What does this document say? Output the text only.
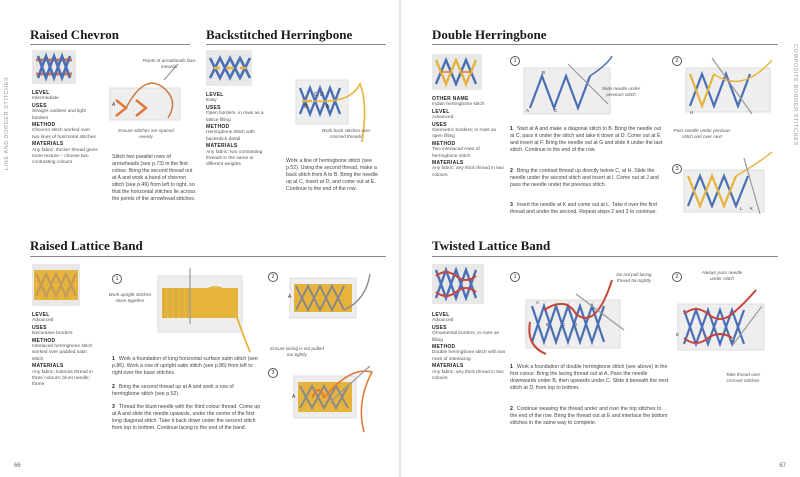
LINE AND BORDER STITCHES
Raised Chevron
LEVEL
Intermediate
USES
Straight outlines and light borders
METHOD
Chevron stitch worked over two lines of horizontal stitches
MATERIALS
Any fabric; thicker thread gives more texture – choose two contrasting colours
A
Points of arrowheads face inwards
Ensure stitches are spaced evenly
Stitch two parallel rows of arrowheads (see p.73) in the first colour. Bring the second thread out at A and work a band of chevron stitch (see p.49) from left to right, so that the horizontal stitches lie across the points of the arrowhead stitches.
Backstitched Herringbone
LEVEL
Easy
USES
Open borders, in rows as a lattice filling
METHOD
Herringbone stitch with backstitch detail
MATERIALS
Any fabric; two contrasting threads in the same or different weights
C D
B	A
Work back stitches over crossed threads
Work a line of herringbone stitch (see p.52). Using the second thread, make a back stitch from A to B. Bring the needle up at C, insert at D, and come out at E. Continue to the end of the row.
Raised Lattice Band
LEVEL
Advanced
USES
Decorative borders
METHOD
Interlaced herringbone stitch worked over padded satin stitch
MATERIALS
Any fabric; lustrous thread in three colours; blunt needle; frame
1
Work upright stitches close together
2
A
Ensure lacing is not pulled too tightly
3
A
1 Work a foundation of long horizontal surface satin stitch (see p.86). Work a row of upright satin stitch (see p.86) from left to right over the base stitches.
2 Bring the second thread up at A and work a row of herringbone stitch (see p.52).
3 Thread the blunt needle with the third colour thread. Come up at A and slide the needle upwards, under the centre of the first long diagonal stitch. Take it back down under the second stitch from top to bottom. Continue lacing to the end of the band.
66
COMPOSITE BORDER STITCHES
Double Herringbone
OTHER NAME
Indian herringbone stitch
LEVEL
Advanced
USES
Geometric borders; in rows as open filling
METHOD
Two interlaced rows of herringbone stitch
MATERIALS
Any fabric; any thick thread in two colours
1
A
B
C
Slide needle under previous stitch
2
H
Pass needle under previous stitch and over next
3
L K
1 Start at A and make a diagonal stitch to B. Bring the needle out at C, pass it under the stitch and take it down at D. Come out at E and insert at F. Bring the needle out at G and slide it under the last stitch. Continue to the end of the row.
2 Bring the contrast thread up directly below C, at H. Slide the needle under the second stitch and insert at I. Come out at J and pass the needle under the previous stitch.
3 Insert the needle at K and come out at L. Take it over the first thread and under the second. Repeat steps 2 and 3 to continue.
Twisted Lattice Band
LEVEL
Advanced
USES
Ornamental borders; in rows as filling
METHOD
Double herringbone stitch with two rows of interlacing
MATERIALS
Any fabric; any thick thread in two colours
1
A
B	C D
Do not pull lacing thread too tightly
2
E
Always pass needle under stitch
Take thread over crossed stitches
1 Work a foundation of double herringbone stitch (see above) in the first colour. Bring the lacing thread out at A. Pass the needle downwards under B, then upwards under C. Slide it beneath the next stitch at D, from top to bottom.
2 Continue weaving the thread under and over the top stitches to the end of the row. Bring the thread out at E and interlace the bottom stitches in the same way to complete.
67
